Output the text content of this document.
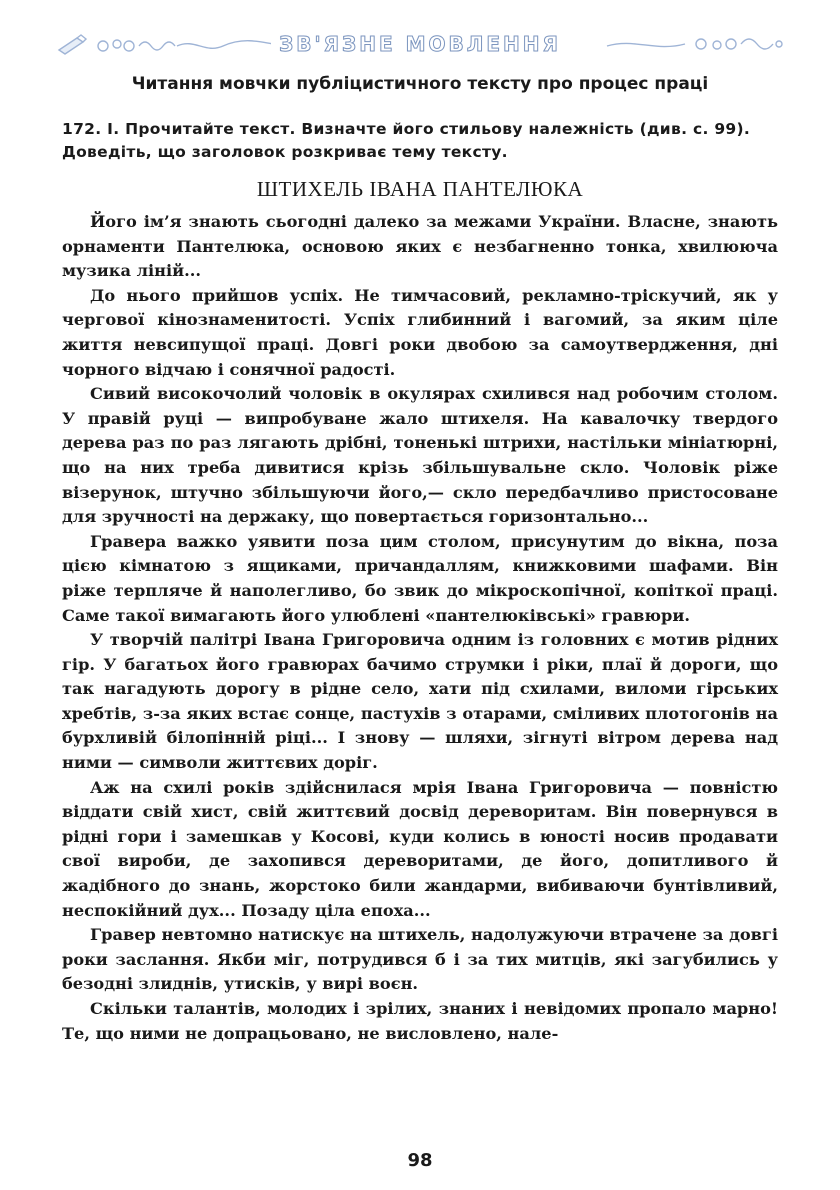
ЗВ'ЯЗНЕ МОВЛЕННЯ
Читання мовчки публіцистичного тексту про процес праці
172. І. Прочитайте текст. Визначте його стильову належність (див. с. 99). Доведіть, що заголовок розкриває тему тексту.
ШТИХЕЛЬ ІВАНА ПАНТЕЛЮКА

Його ім’я знають сьогодні далеко за межами України. Власне, знають орнаменти Пантелюка, основою яких є незбагненно тонка, хвилююча музика ліній...

До нього прийшов успіх. Не тимчасовий, рекламно-тріскучий, як у чергової кінознаменитості. Успіх глибинний і вагомий, за яким ціле життя невсипущої праці. Довгі роки двобою за самоутвердження, дні чорного відчаю і сонячної радості.

Сивий високочолий чоловік в окулярах схилився над робочим столом. У правій руці — випробуване жало штихеля. На кавалочку твердого дерева раз по раз лягають дрібні, тоненькі штрихи, настільки мініатюрні, що на них треба дивитися крізь збільшувальне скло. Чоловік ріже візерунок, штучно збільшуючи його,— скло передбачливо пристосоване для зручності на держаку, що повертається горизонтально...

Гравера важко уявити поза цим столом, присунутим до вікна, поза цією кімнатою з ящиками, причандаллям, книжковими шафами. Він ріже терпляче й наполегливо, бо звик до мікроскопічної, копіткої праці. Саме такої вимагають його улюблені «пантелюківські» гравюри.

У творчій палітрі Івана Григоровича одним із головних є мотив рідних гір. У багатьох його гравюрах бачимо струмки і ріки, плаї й дороги, що так нагадують дорогу в рідне село, хати під схилами, виломи гірських хребтів, з-за яких встає сонце, пастухів з отарами, сміливих плотогонів на бурхливій білопінній ріці... І знову — шляхи, зігнуті вітром дерева над ними — символи життєвих доріг.

Аж на схилі років здійснилася мрія Івана Григоровича — повністю віддати свій хист, свій життєвий досвід дереворитам. Він повернувся в рідні гори і замешкав у Косові, куди колись в юності носив продавати свої вироби, де захопився дереворитами, де його, допитливого й жадібного до знань, жорстоко били жандарми, вибиваючи бунтівливий, неспокійний дух... Позаду ціла епоха...

Гравер невтомно натискує на штихель, надолужуючи втрачене за довгі роки заслання. Якби міг, потрудився б і за тих митців, які загубились у безодні злиднів, утисків, у вирі воєн.

Скільки талантів, молодих і зрілих, знаних і невідомих пропало марно! Те, що ними не допрацьовано, не висловлено, нале-

98
